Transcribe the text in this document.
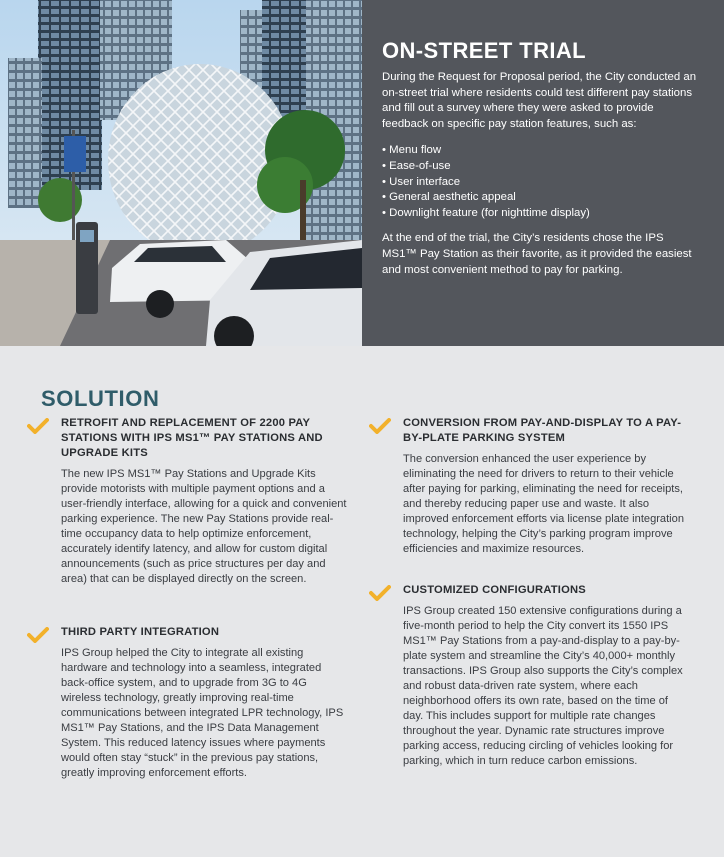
ON-STREET TRIAL

During the Request for Proposal period, the City conducted an on-street trial where residents could test different pay stations and fill out a survey where they were asked to provide feedback on specific pay station features, such as:

• Menu flow
• Ease-of-use
• User interface
• General aesthetic appeal
• Downlight feature (for nighttime display)

At the end of the trial, the City’s residents chose the IPS MS1™ Pay Station as their favorite, as it provided the easiest and most convenient method to pay for parking.

SOLUTION
RETROFIT AND REPLACEMENT OF 2200 PAY STATIONS WITH IPS MS1™ PAY STATIONS AND UPGRADE KITS

The new IPS MS1™ Pay Stations and Upgrade Kits provide motorists with multiple payment options and a user-friendly interface, allowing for a quick and convenient parking experience. The new Pay Stations provide real-time occupancy data to help optimize enforcement, accurately identify latency, and allow for custom digital announcements (such as price structures per day and area) that can be displayed directly on the screen.

THIRD PARTY INTEGRATION

IPS Group helped the City to integrate all existing hardware and technology into a seamless, integrated back-office system, and to upgrade from 3G to 4G wireless technology, greatly improving real-time communications between integrated LPR technology, IPS MS1™ Pay Stations, and the IPS Data Management System. This reduced latency issues where payments would often stay “stuck” in the previous pay stations, greatly improving enforcement efforts.

CONVERSION FROM PAY-AND-DISPLAY TO A PAY-BY-PLATE PARKING SYSTEM

The conversion enhanced the user experience by eliminating the need for drivers to return to their vehicle after paying for parking, eliminating the need for receipts, and thereby reducing paper use and waste. It also improved enforcement efforts via license plate integration technology, helping the City’s parking program improve efficiencies and maximize resources.

CUSTOMIZED CONFIGURATIONS

IPS Group created 150 extensive configurations during a five-month period to help the City convert its 1550 IPS MS1™ Pay Stations from a pay-and-display to a pay-by-plate system and streamline the City’s 40,000+ monthly transactions. IPS Group also supports the City’s complex and robust data-driven rate system, where each neighborhood offers its own rate, based on the time of day. This includes support for multiple rate changes throughout the year. Dynamic rate structures improve parking access, reducing circling of vehicles looking for parking, which in turn reduce carbon emissions.
